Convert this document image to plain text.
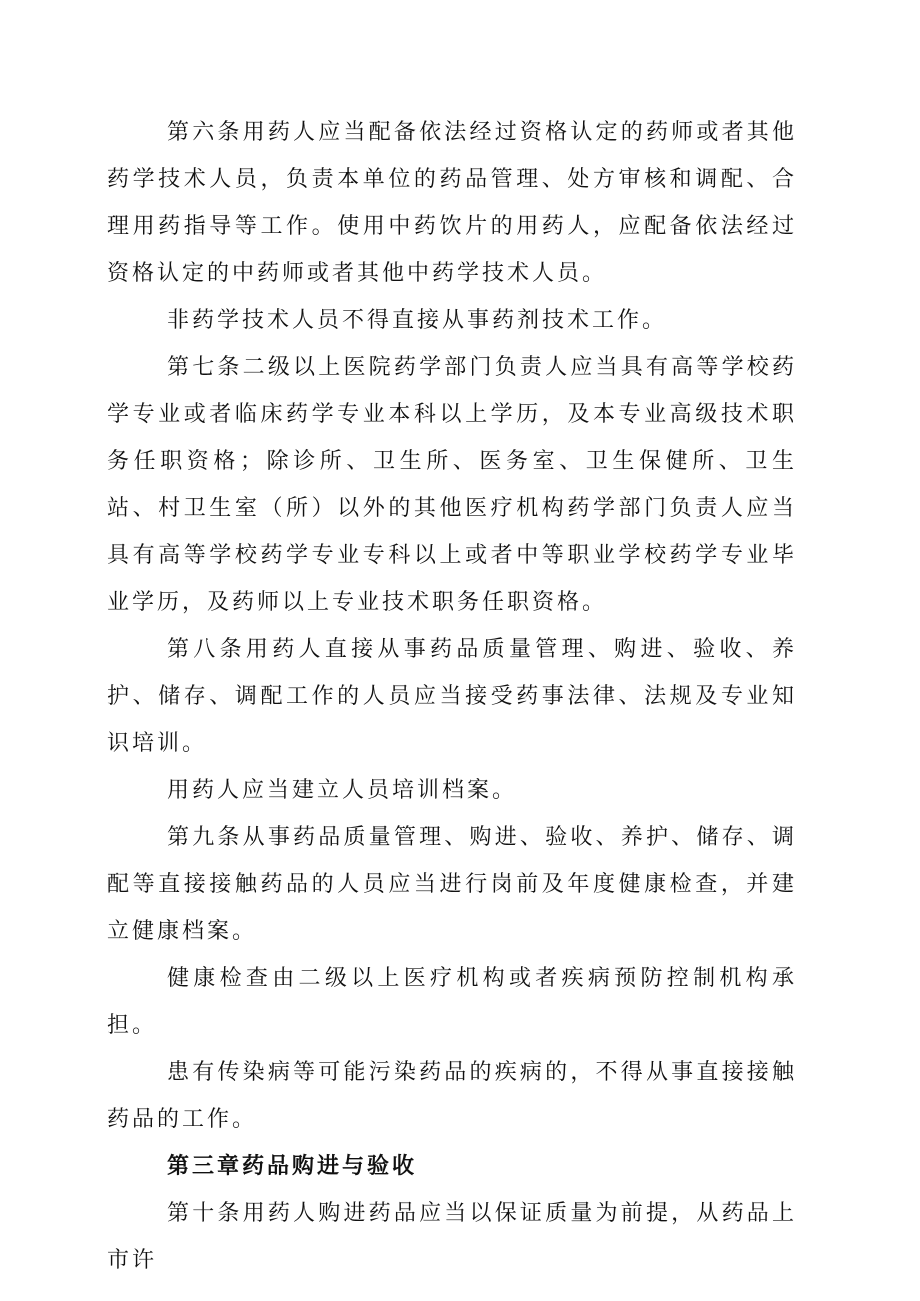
第六条用药人应当配备依法经过资格认定的药师或者其他药学技术人员，负责本单位的药品管理、处方审核和调配、合理用药指导等工作。使用中药饮片的用药人，应配备依法经过资格认定的中药师或者其他中药学技术人员。

非药学技术人员不得直接从事药剂技术工作。

第七条二级以上医院药学部门负责人应当具有高等学校药学专业或者临床药学专业本科以上学历，及本专业高级技术职务任职资格；除诊所、卫生所、医务室、卫生保健所、卫生站、村卫生室（所）以外的其他医疗机构药学部门负责人应当具有高等学校药学专业专科以上或者中等职业学校药学专业毕业学历，及药师以上专业技术职务任职资格。

第八条用药人直接从事药品质量管理、购进、验收、养护、储存、调配工作的人员应当接受药事法律、法规及专业知识培训。

用药人应当建立人员培训档案。

第九条从事药品质量管理、购进、验收、养护、储存、调配等直接接触药品的人员应当进行岗前及年度健康检查，并建立健康档案。

健康检查由二级以上医疗机构或者疾病预防控制机构承担。

患有传染病等可能污染药品的疾病的，不得从事直接接触药品的工作。

第三章药品购进与验收

第十条用药人购进药品应当以保证质量为前提，从药品上市许
